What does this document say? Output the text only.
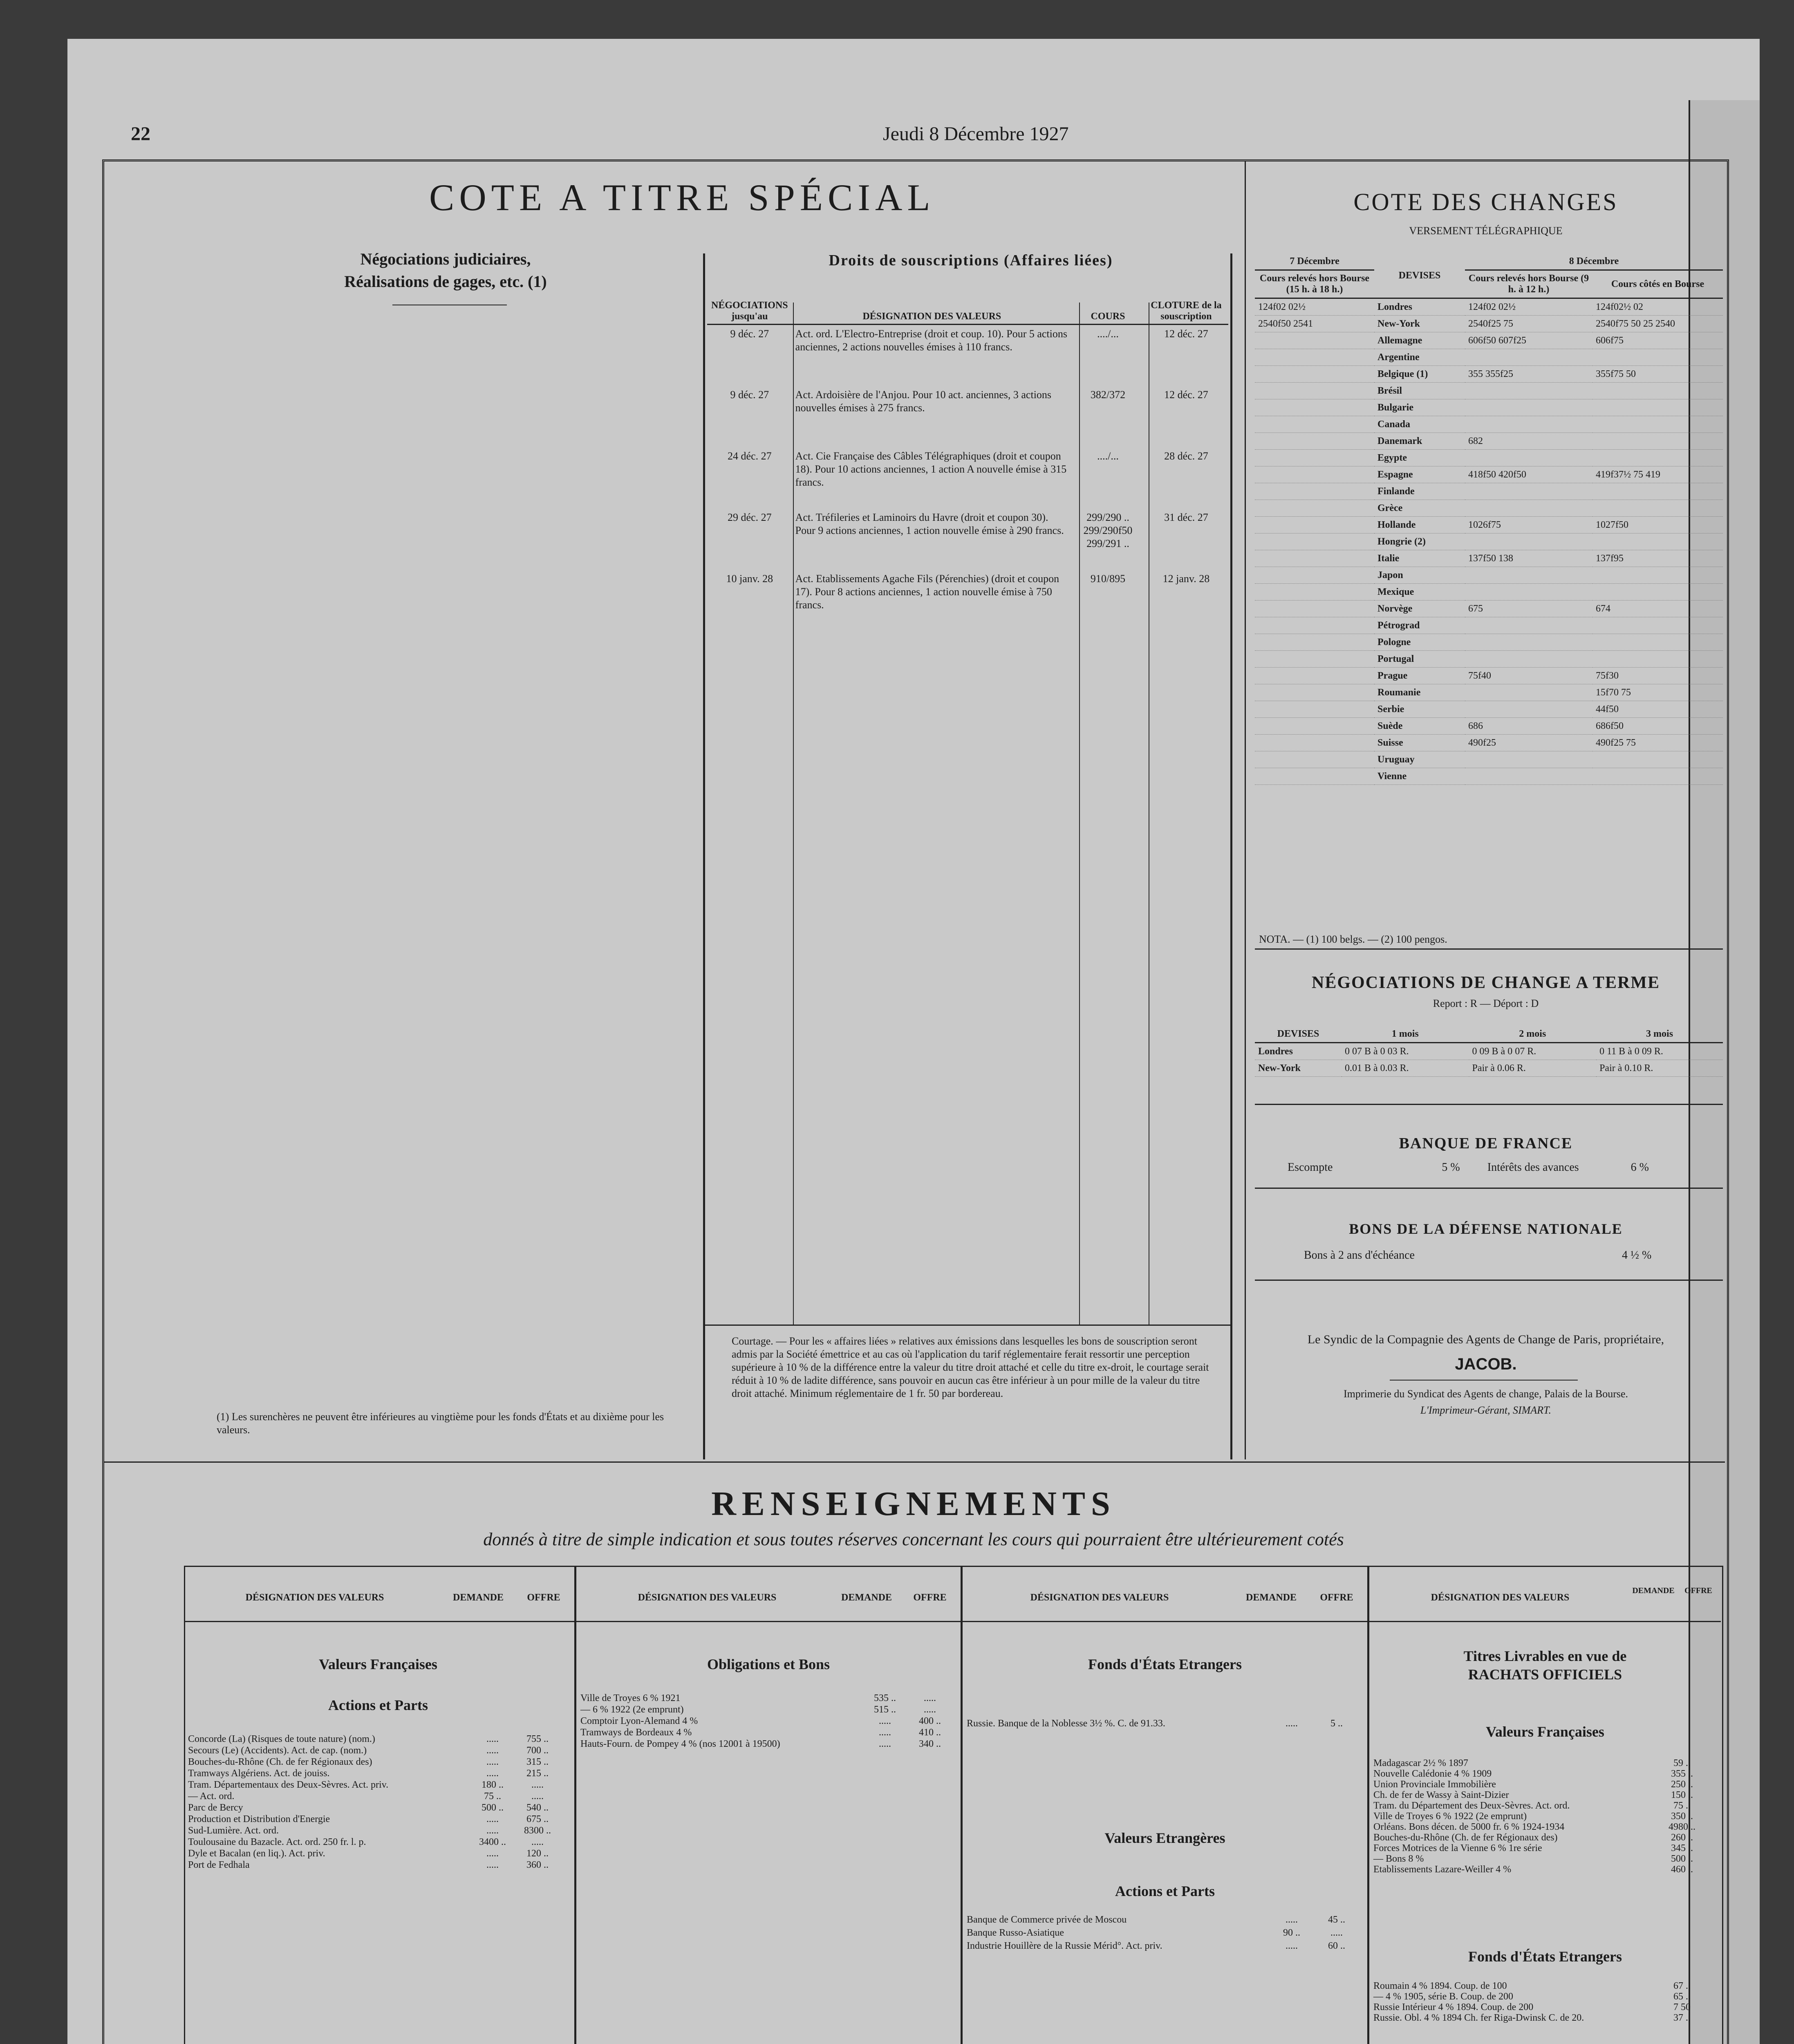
22	Jeudi 8 Décembre 1927
COTE A TITRE SPÉCIAL
Négociations judiciaires,
Réalisations de gages, etc. (1)
(1) Les surenchères ne peuvent être inférieures au vingtième pour les fonds d'États et au dixième pour les valeurs.
Droits de souscriptions (Affaires liées)
NÉGOCIATIONS jusqu'au	DÉSIGNATION DES VALEURS	COURS	CLOTURE de la souscription
9 déc. 27	Act. ord. L'Electro-Entreprise (droit et coup. 10). Pour 5 actions anciennes, 2 actions nouvelles émises à 110 francs.	..../...	12 déc. 27
9 déc. 27	Act. Ardoisière de l'Anjou. Pour 10 act. anciennes, 3 actions nouvelles émises à 275 francs.	382/372	12 déc. 27
24 déc. 27	Act. Cie Française des Câbles Télégraphiques (droit et coupon 18). Pour 10 actions anciennes, 1 action A nouvelle émise à 315 francs.	..../...	28 déc. 27
29 déc. 27	Act. Tréfileries et Laminoirs du Havre (droit et coupon 30). Pour 9 actions anciennes, 1 action nouvelle émise à 290 francs.	299/290 .. 299/290f50 299/291 ..	31 déc. 27
10 janv. 28	Act. Etablissements Agache Fils (Pérenchies) (droit et coupon 17). Pour 8 actions anciennes, 1 action nouvelle émise à 750 francs.	910/895	12 janv. 28
Courtage. — Pour les « affaires liées » relatives aux émissions dans lesquelles les bons de souscription seront admis par la Société émettrice et au cas où l'application du tarif réglementaire ferait ressortir une perception supérieure à 10 % de la différence entre la valeur du titre droit attaché et celle du titre ex-droit, le courtage serait réduit à 10 % de ladite différence, sans pouvoir en aucun cas être inférieur à un pour mille de la valeur du titre droit attaché. Minimum réglementaire de 1 fr. 50 par bordereau.
COTE DES CHANGES
VERSEMENT TÉLÉGRAPHIQUE
7 Décembre	DEVISES	8 Décembre	
Cours relevés hors Bourse (15 h. à 18 h.)		Cours relevés hors Bourse (9 h. à 12 h.)	Cours côtés en Bourse
124f02 02½	Londres	124f02 02½	124f02½ 02
2540f50 2541	New-York	2540f25 75	2540f75 50 25 2540
	Allemagne	606f50 607f25	606f75
	Argentine		
	Belgique (1)	355 355f25	355f75 50
	Brésil		
	Bulgarie		
	Canada		
	Danemark	682	
	Egypte		
	Espagne	418f50 420f50	419f37½ 75 419
	Finlande		
	Grèce		
	Hollande	1026f75	1027f50
	Hongrie (2)		
	Italie	137f50 138	137f95
	Japon		
	Mexique		
	Norvège	675	674
	Pétrograd		
	Pologne		
	Portugal		
	Prague	75f40	75f30
	Roumanie		15f70 75
	Serbie		44f50
	Suède	686	686f50
	Suisse	490f25	490f25 75
	Uruguay		
	Vienne		
NOTA. — (1) 100 belgs. — (2) 100 pengos.
NÉGOCIATIONS DE CHANGE A TERME
Report : R — Déport : D
DEVISES	1 mois	2 mois	3 mois
Londres	0 07 B à 0 03 R.	0 09 B à 0 07 R.	0 11 B à 0 09 R.
New-York	0.01 B à 0.03 R.	Pair à 0.06 R.	Pair à 0.10 R.
BANQUE DE FRANCE
Escompte	5 % Intérêts des avances	6 %
BONS DE LA DÉFENSE NATIONALE
Bons à 2 ans d'échéance	4 ½ %
Le Syndic de la Compagnie des Agents de Change de Paris, propriétaire,
JACOB.
Imprimerie du Syndicat des Agents de change, Palais de la Bourse.
L'Imprimeur-Gérant, SIMART.
RENSEIGNEMENTS
donnés à titre de simple indication et sous toutes réserves concernant les cours qui pourraient être ultérieurement cotés
DÉSIGNATION DES VALEURS	DEMANDE	OFFRE	DÉSIGNATION DES VALEURS	DEMANDE	OFFRE	DÉSIGNATION DES VALEURS	DEMANDE	OFFRE	DÉSIGNATION DES VALEURS
DEMANDE	OFFRE
Valeurs Françaises
Actions et Parts
Concorde (La) (Risques de toute nature) (nom.)	.....	755 ..
Secours (Le) (Accidents). Act. de cap. (nom.)	.....	700 ..
Bouches-du-Rhône (Ch. de fer Régionaux des)	.....	315 ..
Tramways Algériens. Act. de jouiss.	.....	215 ..
Tram. Départementaux des Deux-Sèvres. Act. priv.	180 ..	.....
— Act. ord.	75 ..	.....
Parc de Bercy	500 ..	540 ..
Production et Distribution d'Energie	.....	675 ..
Sud-Lumière. Act. ord.	.....	8300 ..
Toulousaine du Bazacle. Act. ord. 250 fr. l. p.	3400 ..	.....
Dyle et Bacalan (en liq.). Act. priv.	.....	120 ..
Port de Fedhala	.....	360 ..
Obligations et Bons
Ville de Troyes 6 % 1921	535 ..	.....
— 6 % 1922 (2e emprunt)	515 ..	.....
Comptoir Lyon-Alemand 4 %	.....	400 ..
Tramways de Bordeaux 4 %	.....	410 ..
Hauts-Fourn. de Pompey 4 % (nos 12001 à 19500)	.....	340 ..
Fonds d'États Etrangers
Russie. Banque de la Noblesse 3½ %. C. de 91.33.	.....	5 ..
Valeurs Etrangères
Actions et Parts
Banque de Commerce privée de Moscou	.....	45 ..
Banque Russo-Asiatique	90 ..	.....
Industrie Houillère de la Russie Mérid°. Act. priv.	.....	60 ..
Titres Livrables en vue de
RACHATS OFFICIELS
Valeurs Françaises
Madagascar 2½ % 1897	59 ..
Nouvelle Calédonie 4 % 1909	355 ..
Union Provinciale Immobilière	250 ..
Ch. de fer de Wassy à Saint-Dizier	150 ..
Tram. du Département des Deux-Sèvres. Act. ord.	75 ..
Ville de Troyes 6 % 1922 (2e emprunt)	350 ..
Orléans. Bons décen. de 5000 fr. 6 % 1924-1934	4980 ..
Bouches-du-Rhône (Ch. de fer Régionaux des)	260 ..
Forces Motrices de la Vienne 6 % 1re série	345 ..
— Bons 8 %	500 ..
Etablissements Lazare-Weiller 4 %	460 ..
Fonds d'États Etrangers
Roumain 4 % 1894. Coup. de 100	67 ..
— 4 % 1905, série B. Coup. de 200	65 ..
Russie Intérieur 4 % 1894. Coup. de 200	7 50
Russie. Obl. 4 % 1894 Ch. fer Riga-Dwinsk C. de 20.	37 ..
